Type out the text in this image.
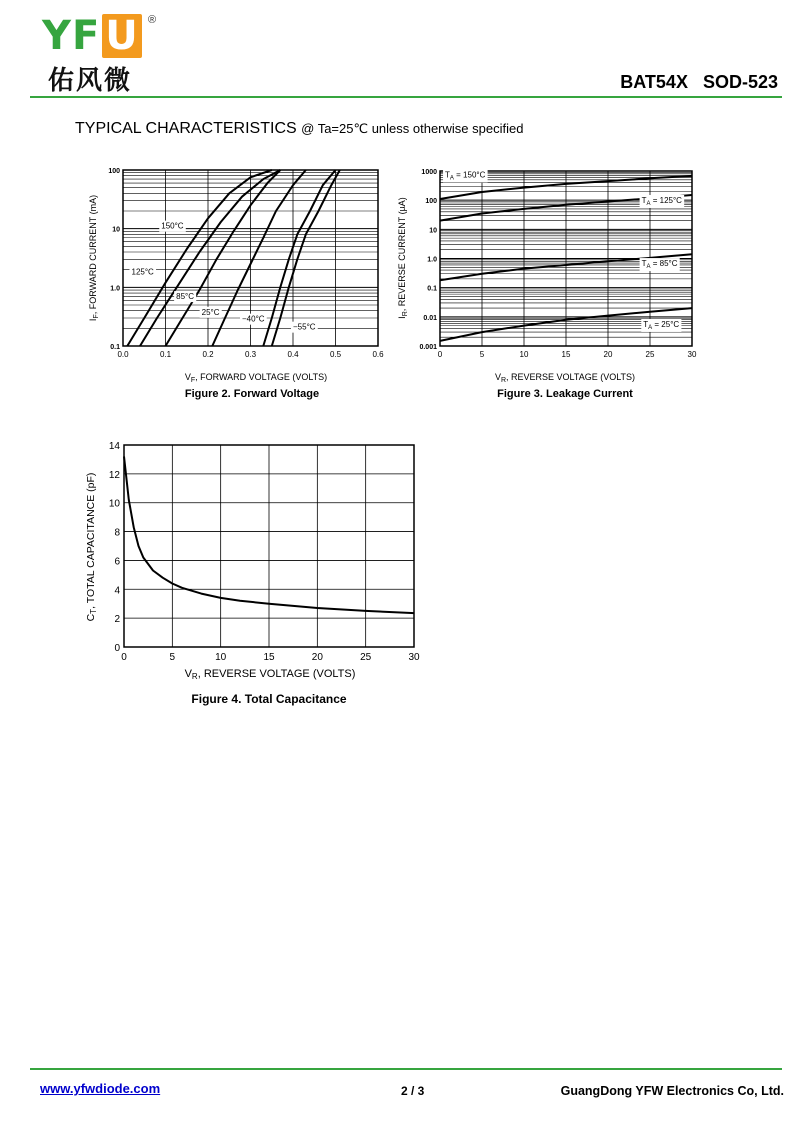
YF U ®
佑风微	BAT54X   SOD-523
TYPICAL CHARACTERISTICS @ Ta=25℃ unless otherwise specified
0.0	0.1	0.2	0.3	0.4	0.5	0.6
0.1
1.0
10
100
150°C
125°C
85°C
25°C
−40°C
−55°C
$I_F$, FORWARD CURRENT (mA)
$V_F$, FORWARD VOLTAGE (VOLTS)
Figure 2. Forward Voltage
0	5	10	15	20	25	30
0.001
0.01
0.1
1.0
10
100
1000 $T_A = 150^\circ C$
$T_A = 125^\circ C$
$T_A = 85^\circ C$
$T_A = 25^\circ C$
$I_R$, REVERSE CURRENT (µA)
$V_R$, REVERSE VOLTAGE (VOLTS)
Figure 3. Leakage Current
0	5	10	15	20	25	30
0
2
4
6
8
10
12
14
CT, TOTAL CAPACITANCE (pF)
VR, REVERSE VOLTAGE (VOLTS)
Figure 4. Total Capacitance
www.yfwdiode.com	2 / 3	GuangDong YFW Electronics Co, Ltd.
